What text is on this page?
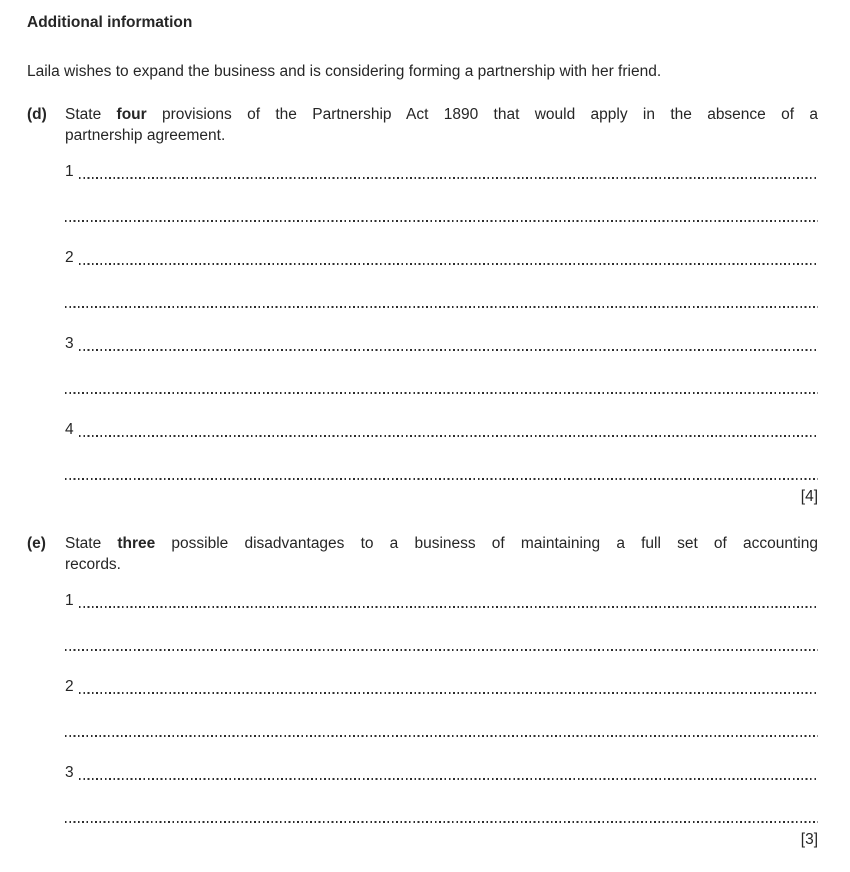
Additional information
Laila wishes to expand the business and is considering forming a partnership with her friend.
(d)	State four provisions of the Partnership Act 1890 that would apply in the absence of a
partnership agreement.
1
2
3
4
[4]
(e)	State three possible disadvantages to a business of maintaining a full set of accounting
records.
1
2
3
[3]
